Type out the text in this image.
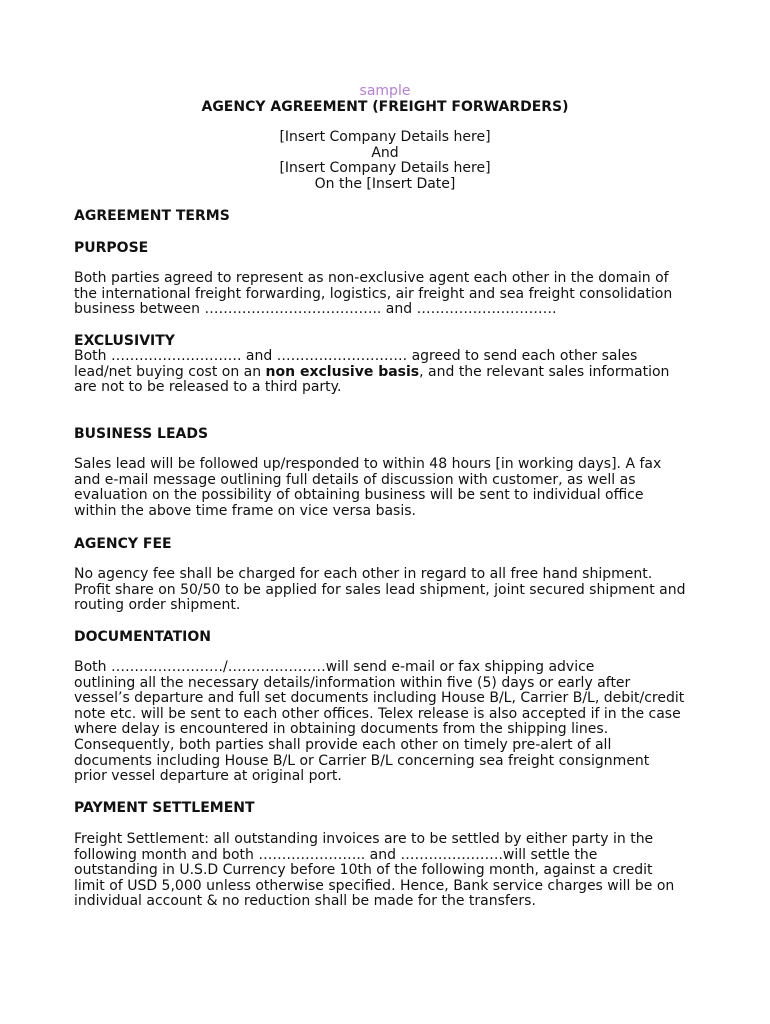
sample
AGENCY AGREEMENT (FREIGHT FORWARDERS)
[Insert Company Details here]
And
[Insert Company Details here]
On the [Insert Date]
AGREEMENT TERMS
PURPOSE
Both parties agreed to represent as non-exclusive agent each other in the domain of
the international freight forwarding, logistics, air freight and sea freight consolidation
business between ……………………………….. and …………………………
EXCLUSIVITY
Both ………………………. and ………………………. agreed to send each other sales
lead/net buying cost on an non exclusive basis, and the relevant sales information
are not to be released to a third party.
BUSINESS LEADS
Sales lead will be followed up/responded to within 48 hours [in working days]. A fax
and e-mail message outlining full details of discussion with customer, as well as
evaluation on the possibility of obtaining business will be sent to individual office
within the above time frame on vice versa basis.
AGENCY FEE
No agency fee shall be charged for each other in regard to all free hand shipment.
Profit share on 50/50 to be applied for sales lead shipment, joint secured shipment and
routing order shipment.
DOCUMENTATION
Both ……………………/…………………will send e-mail or fax shipping advice
outlining all the necessary details/information within five (5) days or early after
vessel’s departure and full set documents including House B/L, Carrier B/L, debit/credit
note etc. will be sent to each other offices. Telex release is also accepted if in the case
where delay is encountered in obtaining documents from the shipping lines.
Consequently, both parties shall provide each other on timely pre-alert of all
documents including House B/L or Carrier B/L concerning sea freight consignment
prior vessel departure at original port.
PAYMENT SETTLEMENT
Freight Settlement: all outstanding invoices are to be settled by either party in the
following month and both ………………….. and ………………….will settle the
outstanding in U.S.D Currency before 10th of the following month, against a credit
limit of USD 5,000 unless otherwise specified. Hence, Bank service charges will be on
individual account & no reduction shall be made for the transfers.
